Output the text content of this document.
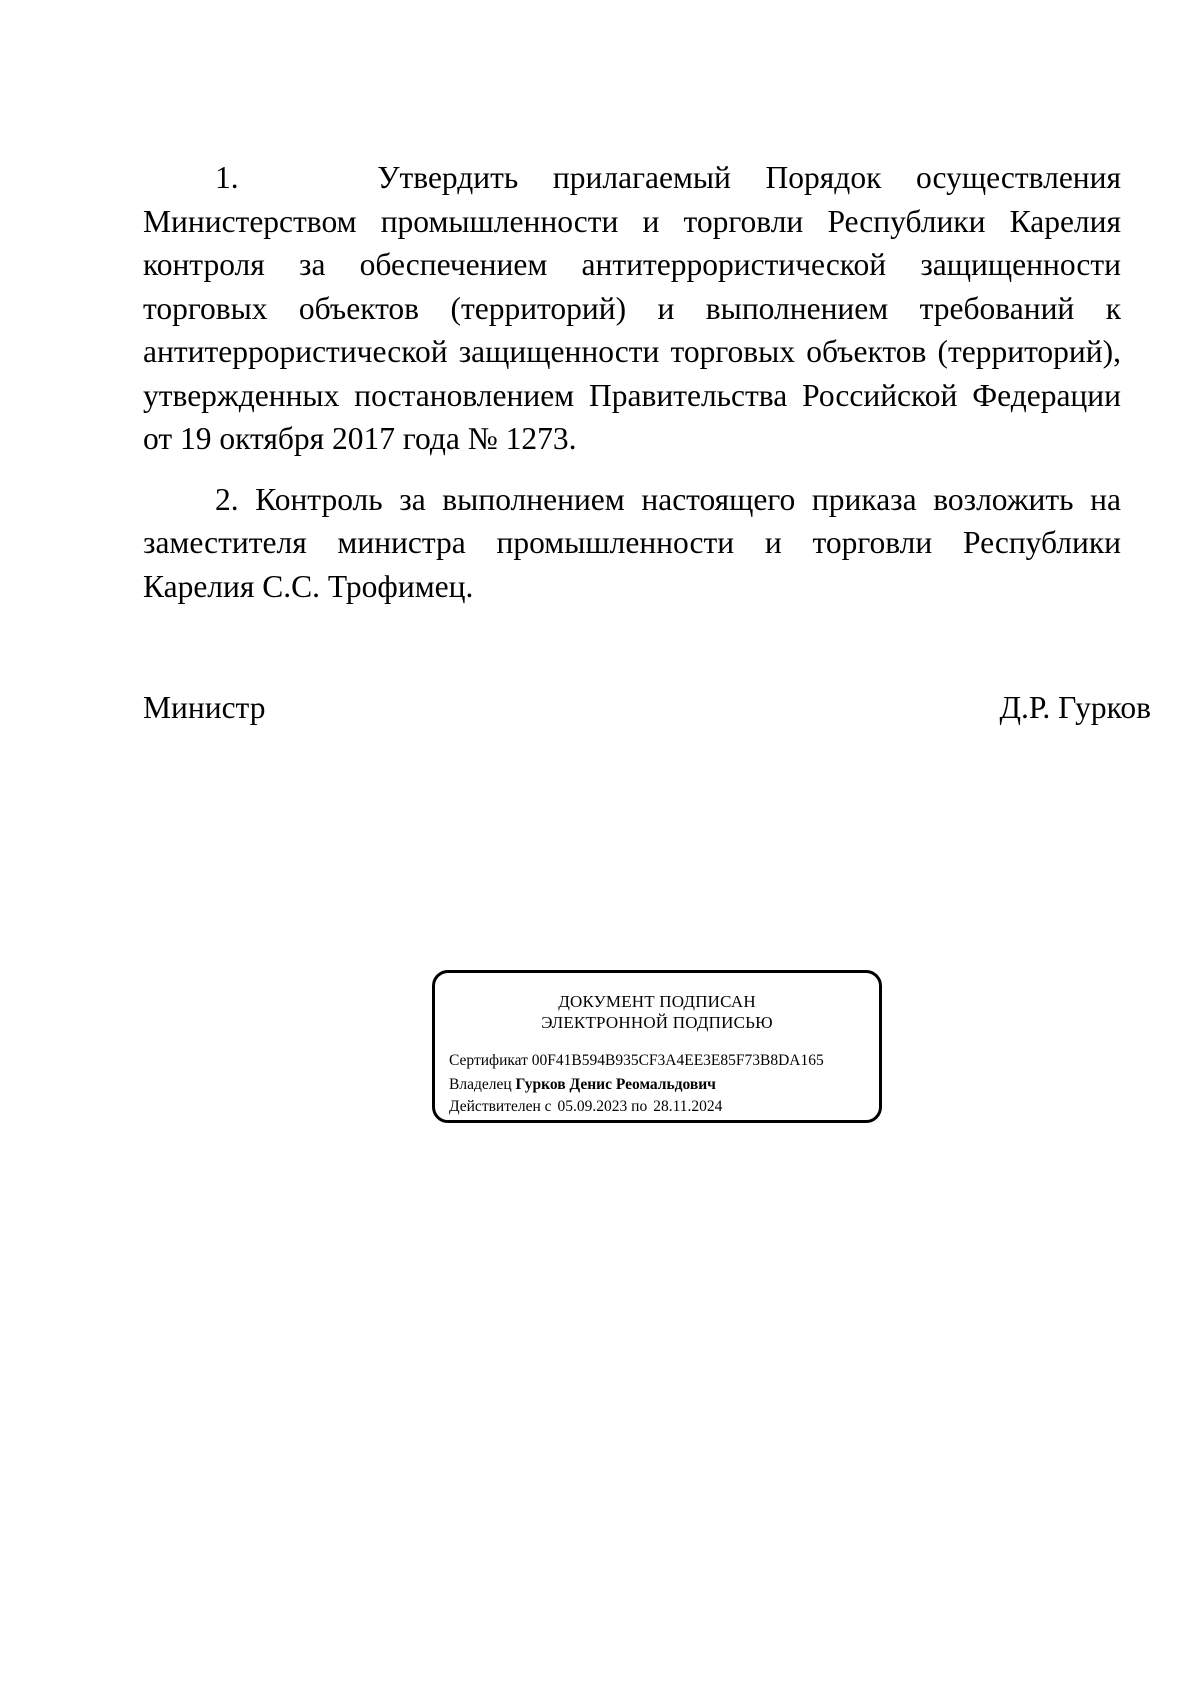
1.    Утвердить прилагаемый Порядок осуществления Министерством промышленности и торговли Республики Карелия контроля за обеспечением антитеррористической защищенности торговых объектов (территорий) и выполнением требований к антитеррористической защищенности торговых объектов (территорий), утвержденных постановлением Правительства Российской Федерации от 19 октября 2017 года № 1273.

2. Контроль за выполнением настоящего приказа возложить на заместителя министра промышленности и торговли Республики Карелия С.С. Трофимец.

Министр	Д.Р. Гурков
ДОКУМЕНТ ПОДПИСАН
ЭЛЕКТРОННОЙ ПОДПИСЬЮ
Сертификат 00F41B594B935CF3A4EE3E85F73B8DA165
Владелец Гурков Денис Реомальдович
Действителен с 05.09.2023 по 28.11.2024
